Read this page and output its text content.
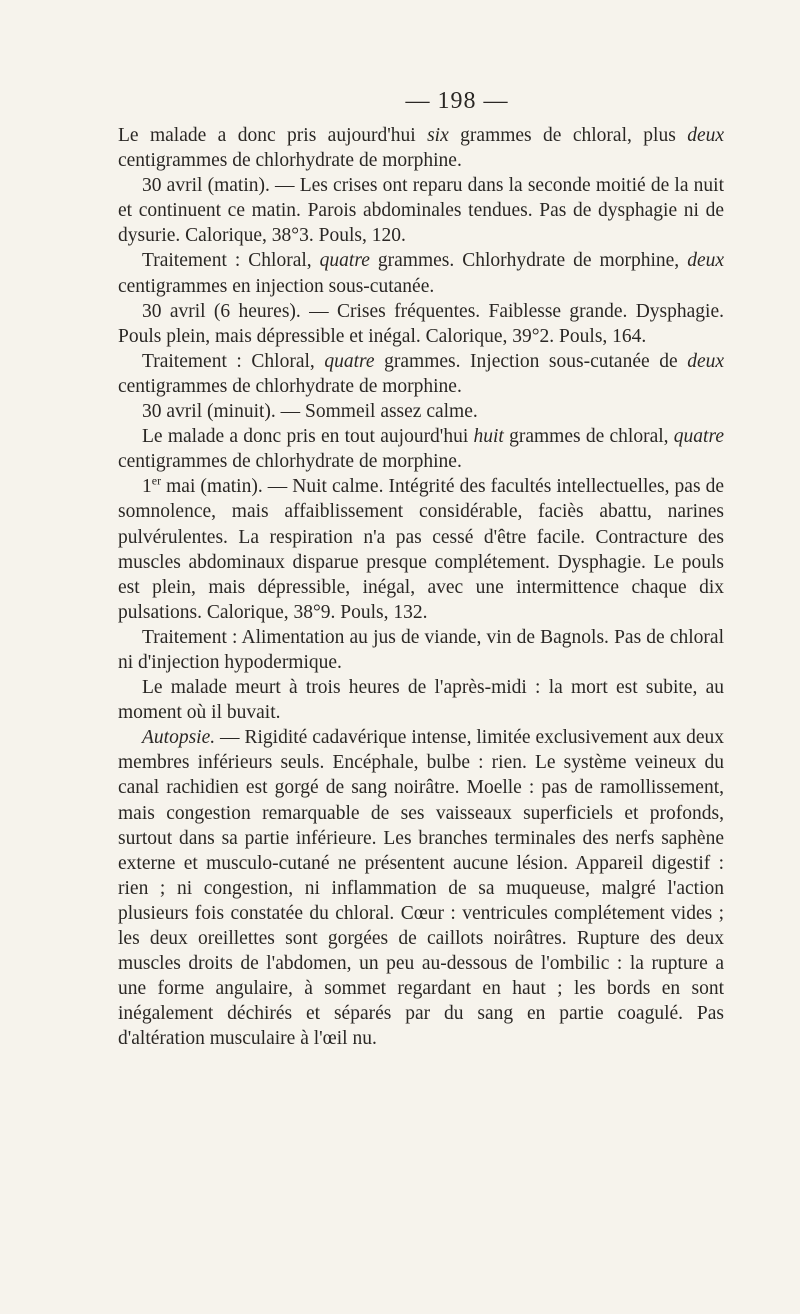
— 198 —

Le malade a donc pris aujourd'hui six grammes de chloral, plus deux centigrammes de chlorhydrate de morphine.

30 avril (matin). — Les crises ont reparu dans la seconde moitié de la nuit et continuent ce matin. Parois abdominales tendues. Pas de dysphagie ni de dysurie. Calorique, 38°3. Pouls, 120.

Traitement : Chloral, quatre grammes. Chlorhydrate de morphine, deux centigrammes en injection sous-cutanée.

30 avril (6 heures). — Crises fréquentes. Faiblesse grande. Dysphagie. Pouls plein, mais dépressible et inégal. Calorique, 39°2. Pouls, 164.

Traitement : Chloral, quatre grammes. Injection sous-cutanée de deux centigrammes de chlorhydrate de morphine.

30 avril (minuit). — Sommeil assez calme.

Le malade a donc pris en tout aujourd'hui huit grammes de chloral, quatre centigrammes de chlorhydrate de morphine.

1er mai (matin). — Nuit calme. Intégrité des facultés intellectuelles, pas de somnolence, mais affaiblissement considérable, faciès abattu, narines pulvérulentes. La respiration n'a pas cessé d'être facile. Contracture des muscles abdominaux disparue presque complétement. Dysphagie. Le pouls est plein, mais dépressible, inégal, avec une intermittence chaque dix pulsations. Calorique, 38°9. Pouls, 132.

Traitement : Alimentation au jus de viande, vin de Bagnols. Pas de chloral ni d'injection hypodermique.

Le malade meurt à trois heures de l'après-midi : la mort est subite, au moment où il buvait.

Autopsie. — Rigidité cadavérique intense, limitée exclusivement aux deux membres inférieurs seuls. Encéphale, bulbe : rien. Le système veineux du canal rachidien est gorgé de sang noirâtre. Moelle : pas de ramollissement, mais congestion remarquable de ses vaisseaux superficiels et profonds, surtout dans sa partie inférieure. Les branches terminales des nerfs saphène externe et musculo-cutané ne présentent aucune lésion. Appareil digestif : rien ; ni congestion, ni inflammation de sa muqueuse, malgré l'action plusieurs fois constatée du chloral. Cœur : ventricules complétement vides ; les deux oreillettes sont gorgées de caillots noirâtres. Rupture des deux muscles droits de l'abdomen, un peu au-dessous de l'ombilic : la rupture a une forme angulaire, à sommet regardant en haut ; les bords en sont inégalement déchirés et séparés par du sang en partie coagulé. Pas d'altération musculaire à l'œil nu.
